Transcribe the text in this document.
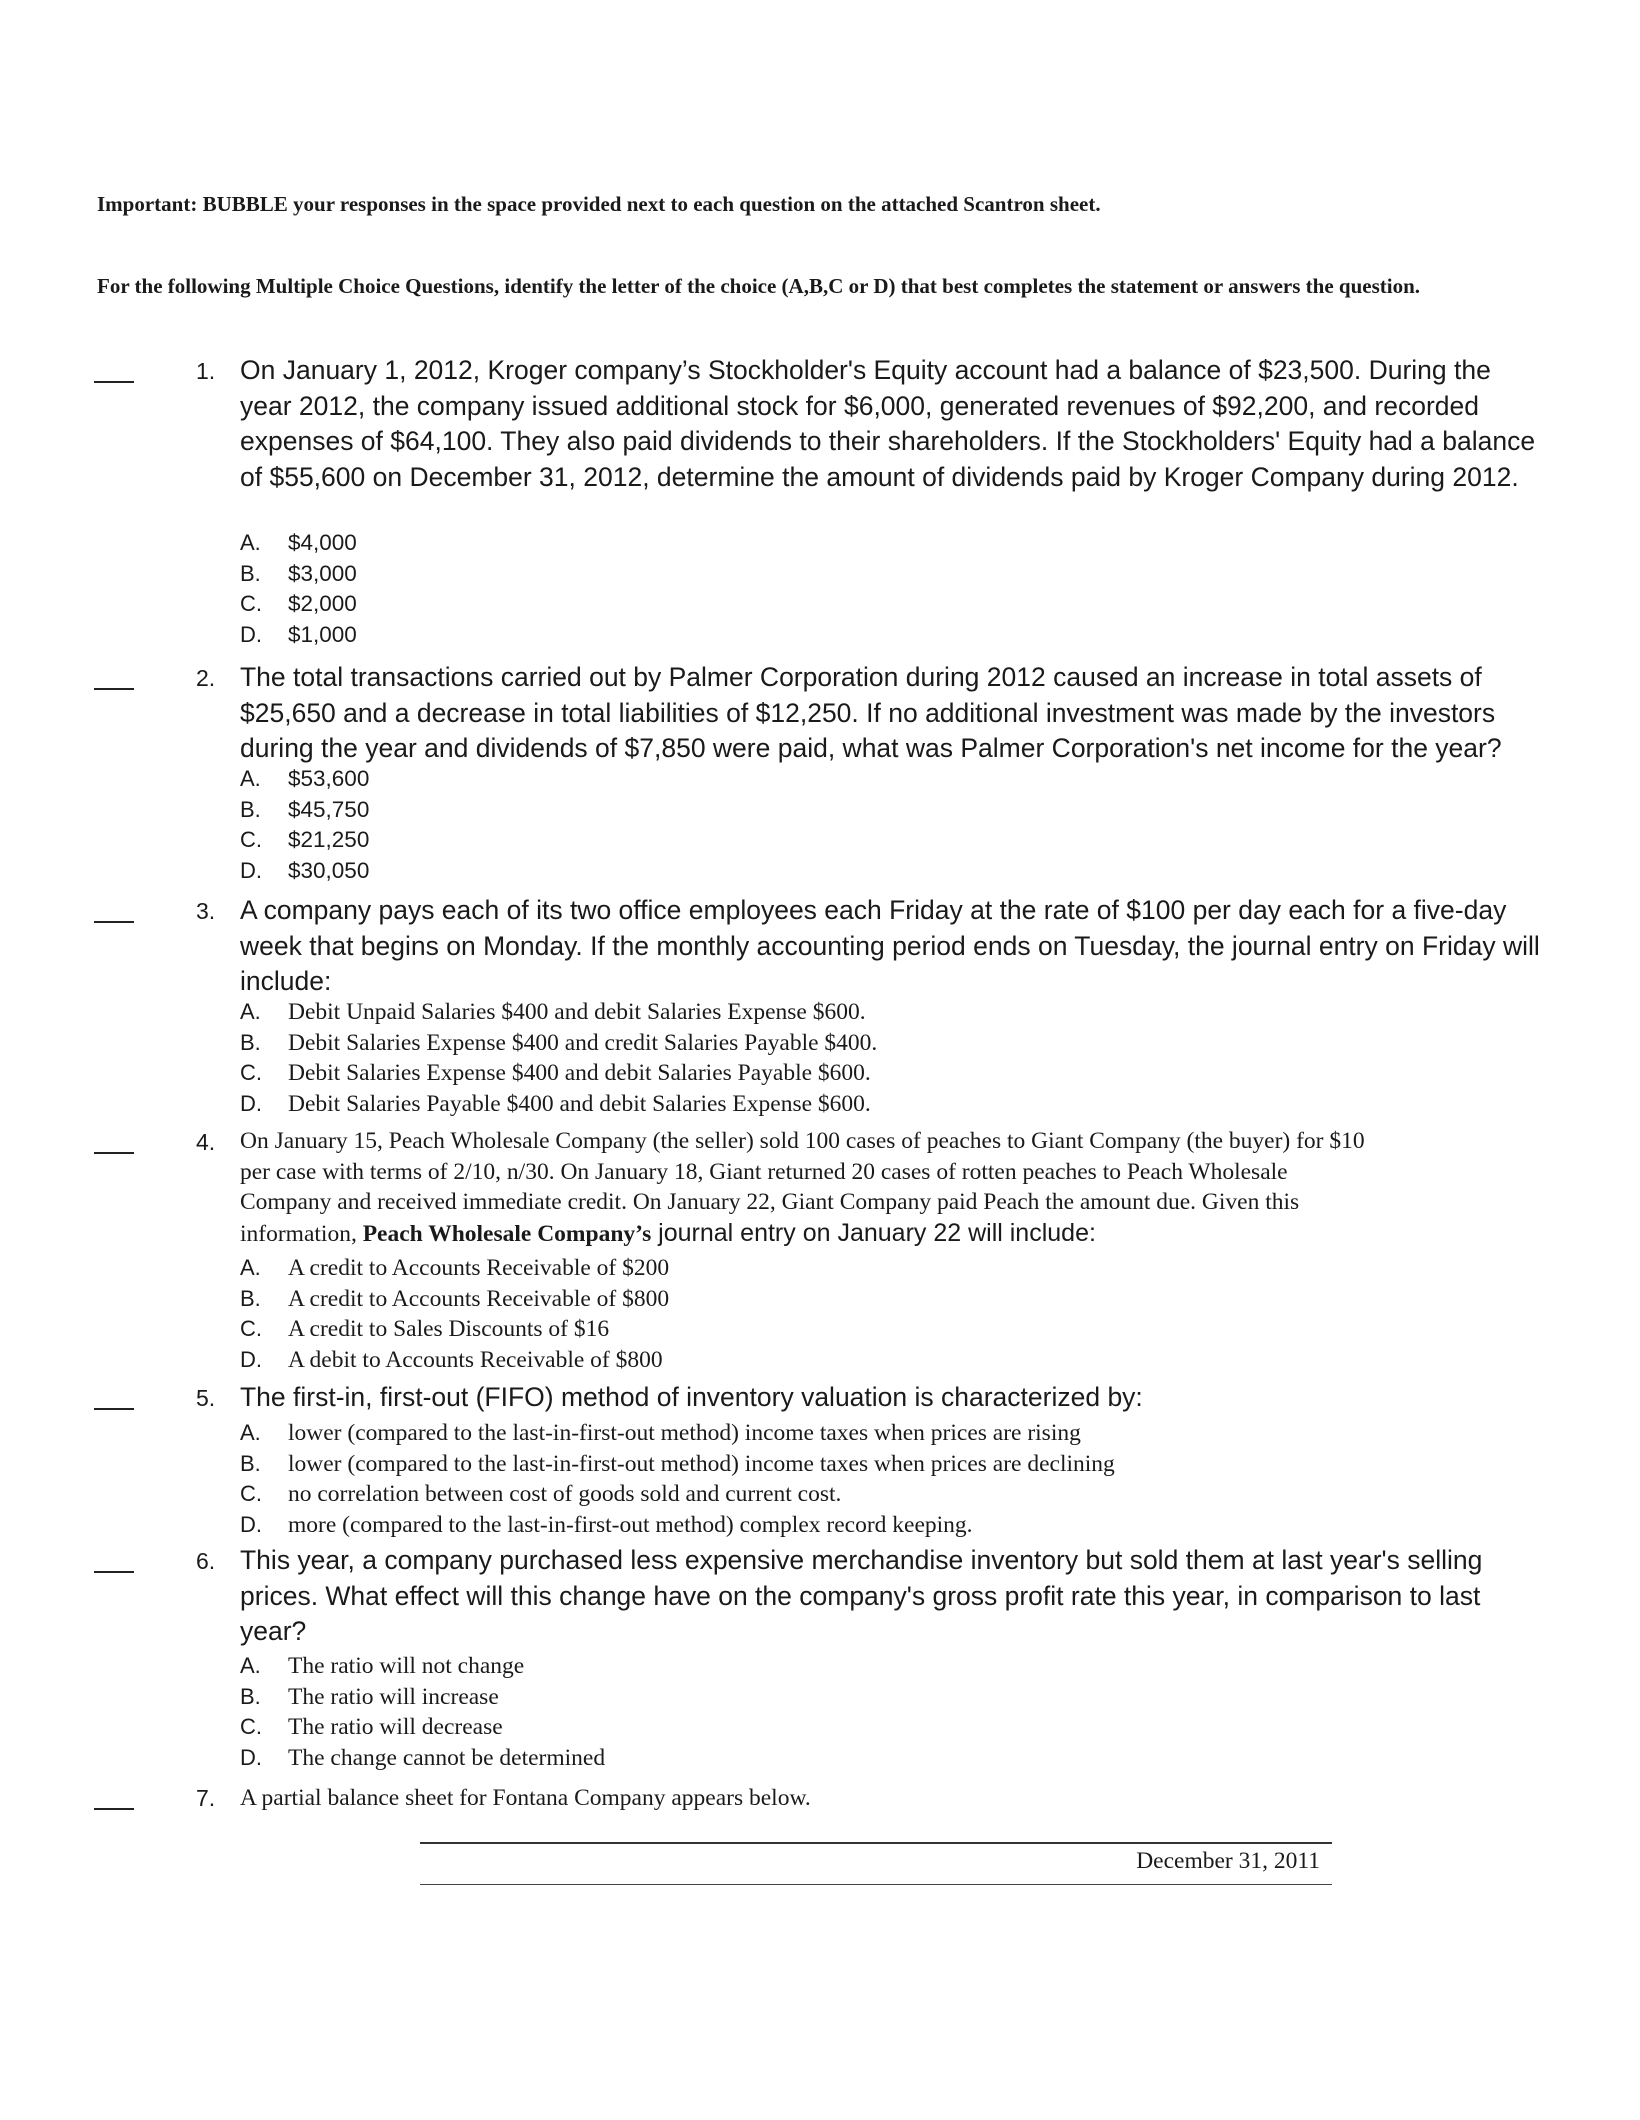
Important: BUBBLE your responses in the space provided next to each question on the attached Scantron sheet.
For the following Multiple Choice Questions, identify the letter of the choice (A,B,C or D) that best completes the statement or answers the question.
1. On January 1, 2012, Kroger company’s Stockholder's Equity account had a balance of $23,500. During the year 2012, the company issued additional stock for $6,000, generated revenues of $92,200, and recorded expenses of $64,100. They also paid dividends to their shareholders. If the Stockholders' Equity had a balance of $55,600 on December 31, 2012, determine the amount of dividends paid by Kroger Company during 2012.

A. $4,000
B. $3,000
C. $2,000
D. $1,000
2. The total transactions carried out by Palmer Corporation during 2012 caused an increase in total assets of $25,650 and a decrease in total liabilities of $12,250. If no additional investment was made by the investors during the year and dividends of $7,850 were paid, what was Palmer Corporation's net income for the year?

A. $53,600
B. $45,750
C. $21,250
D. $30,050
3. A company pays each of its two office employees each Friday at the rate of $100 per day each for a five-day week that begins on Monday. If the monthly accounting period ends on Tuesday, the journal entry on Friday will include:

A. Debit Unpaid Salaries $400 and debit Salaries Expense $600.
B. Debit Salaries Expense $400 and credit Salaries Payable $400.
C. Debit Salaries Expense $400 and debit Salaries Payable $600.
D. Debit Salaries Payable $400 and debit Salaries Expense $600.
4. On January 15, Peach Wholesale Company (the seller) sold 100 cases of peaches to Giant Company (the buyer) for $10
per case with terms of 2/10, n/30. On January 18, Giant returned 20 cases of rotten peaches to Peach Wholesale
Company and received immediate credit. On January 22, Giant Company paid Peach the amount due. Given this
information, Peach Wholesale Company’s journal entry on January 22 will include:
A. A credit to Accounts Receivable of $200
B. A credit to Accounts Receivable of $800
C. A credit to Sales Discounts of $16
D. A debit to Accounts Receivable of $800
5. The first-in, first-out (FIFO) method of inventory valuation is characterized by:

A. lower (compared to the last-in-first-out method) income taxes when prices are rising
B. lower (compared to the last-in-first-out method) income taxes when prices are declining
C. no correlation between cost of goods sold and current cost.
D. more (compared to the last-in-first-out method) complex record keeping.
6. This year, a company purchased less expensive merchandise inventory but sold them at last year's selling prices. What effect will this change have on the company's gross profit rate this year, in comparison to last year?

A. The ratio will not change
B. The ratio will increase
C. The ratio will decrease
D. The change cannot be determined
7. A partial balance sheet for Fontana Company appears below.

December 31, 2011
